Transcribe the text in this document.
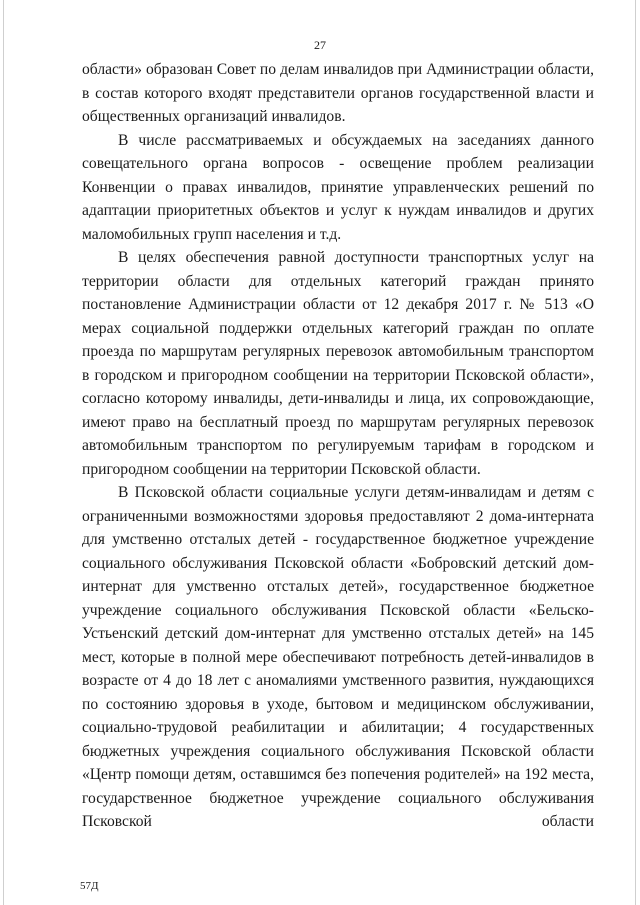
27

области» образован Совет по делам инвалидов при Администрации области, в состав которого входят представители органов государственной власти и общественных организаций инвалидов.

В числе рассматриваемых и обсуждаемых на заседаниях данного совещательного органа вопросов - освещение проблем реализации Конвенции о правах инвалидов, принятие управленческих решений по адаптации приоритетных объектов и услуг к нуждам инвалидов и других маломобильных групп населения и т.д.

В целях обеспечения равной доступности транспортных услуг на территории области для отдельных категорий граждан принято постановление Администрации области от 12 декабря 2017 г. № 513 «О мерах социальной поддержки отдельных категорий граждан по оплате проезда по маршрутам регулярных перевозок автомобильным транспортом в городском и пригородном сообщении на территории Псковской области», согласно которому инвалиды, дети-инвалиды и лица, их сопровождающие, имеют право на бесплатный проезд по маршрутам регулярных перевозок автомобильным транспортом по регулируемым тарифам в городском и пригородном сообщении на территории Псковской области.

В Псковской области социальные услуги детям-инвалидам и детям с ограниченными возможностями здоровья предоставляют 2 дома-интерната для умственно отсталых детей - государственное бюджетное учреждение социального обслуживания Псковской области «Бобровский детский дом-интернат для умственно отсталых детей», государственное бюджетное учреждение социального обслуживания Псковской области «Бельско-Устьенский детский дом-интернат для умственно отсталых детей» на 145 мест, которые в полной мере обеспечивают потребность детей-инвалидов в возрасте от 4 до 18 лет с аномалиями умственного развития, нуждающихся по состоянию здоровья в уходе, бытовом и медицинском обслуживании, социально-трудовой реабилитации и абилитации; 4 государственных бюджетных учреждения социального обслуживания Псковской области «Центр помощи детям, оставшимся без попечения родителей» на 192 места, государственное бюджетное учреждение социального обслуживания Псковской области

57Д
